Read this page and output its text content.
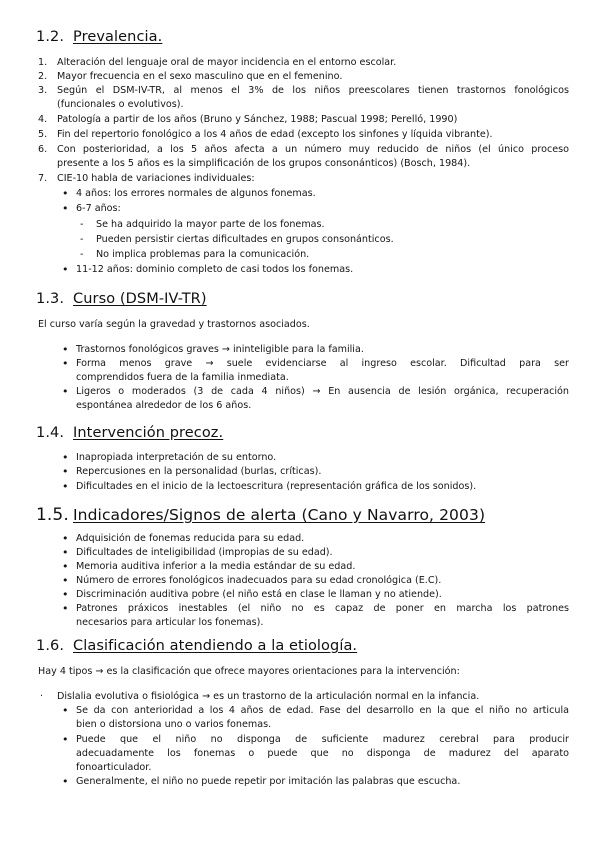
1.2. Prevalencia.
1. Alteración del lenguaje oral de mayor incidencia en el entorno escolar.
2. Mayor frecuencia en el sexo masculino que en el femenino.
3. Según el DSM-IV-TR, al menos el 3% de los niños preescolares tienen trastornos fonológicos
(funcionales o evolutivos).
4. Patología a partir de los años (Bruno y Sánchez, 1988; Pascual 1998; Perelló, 1990)
5. Fin del repertorio fonológico a los 4 años de edad (excepto los sinfones y líquida vibrante).
6. Con posterioridad, a los 5 años afecta a un número muy reducido de niños (el único proceso
presente a los 5 años es la simplificación de los grupos consonánticos) (Bosch, 1984).
7. CIE-10 habla de variaciones individuales:
• 4 años: los errores normales de algunos fonemas.
• 6-7 años:
- Se ha adquirido la mayor parte de los fonemas.
- Pueden persistir ciertas dificultades en grupos consonánticos.
- No implica problemas para la comunicación.
• 11-12 años: dominio completo de casi todos los fonemas.
1.3. Curso (DSM-IV-TR)
El curso varía según la gravedad y trastornos asociados.
• Trastornos fonológicos graves → ininteligible para la familia.
• Forma menos grave → suele evidenciarse al ingreso escolar. Dificultad para ser
comprendidos fuera de la familia inmediata.
• Ligeros o moderados (3 de cada 4 niños) → En ausencia de lesión orgánica, recuperación
espontánea alrededor de los 6 años.
1.4. Intervención precoz.
• Inapropiada interpretación de su entorno.
• Repercusiones en la personalidad (burlas, críticas).
• Dificultades en el inicio de la lectoescritura (representación gráfica de los sonidos).
1.5. Indicadores/Signos de alerta (Cano y Navarro, 2003)
• Adquisición de fonemas reducida para su edad.
• Dificultades de inteligibilidad (impropias de su edad).
• Memoria auditiva inferior a la media estándar de su edad.
• Número de errores fonológicos inadecuados para su edad cronológica (E.C).
• Discriminación auditiva pobre (el niño está en clase le llaman y no atiende).
• Patrones práxicos inestables (el niño no es capaz de poner en marcha los patrones
necesarios para articular los fonemas).
1.6. Clasificación atendiendo a la etiología.
Hay 4 tipos → es la clasificación que ofrece mayores orientaciones para la intervención:
· Dislalia evolutiva o fisiológica → es un trastorno de la articulación normal en la infancia.
• Se da con anterioridad a los 4 años de edad. Fase del desarrollo en la que el niño no articula
bien o distorsiona uno o varios fonemas.
• Puede que el niño no disponga de suficiente madurez cerebral para producir
adecuadamente los fonemas o puede que no disponga de madurez del aparato
fonoarticulador.
• Generalmente, el niño no puede repetir por imitación las palabras que escucha.
